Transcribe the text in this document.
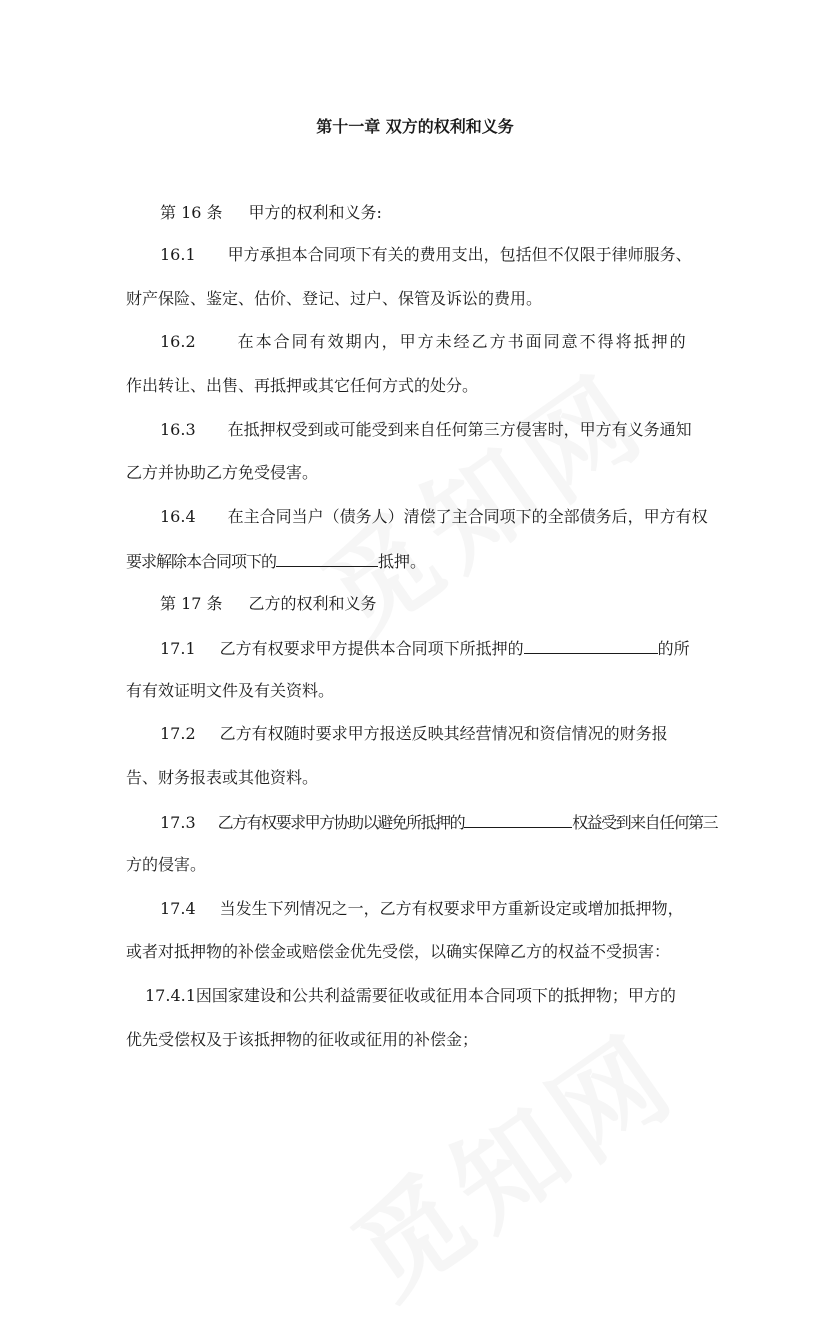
第十一章 双方的权利和义务
第 16 条 甲方的权利和义务:
16.1 甲方承担本合同项下有关的费用支出，包括但不仅限于律师服务、
财产保险、鉴定、估价、登记、过户、保管及诉讼的费用。
16.2	在本合同有效期内，甲方未经乙方书面同意不得将抵押的
作出转让、出售、再抵押或其它任何方式的处分。
16.3 在抵押权受到或可能受到来自任何第三方侵害时，甲方有义务通知
乙方并协助乙方免受侵害。
16.4 在主合同当户（债务人）清偿了主合同项下的全部债务后，甲方有权
要求解除本合同项下的	抵押。
第 17 条 乙方的权利和义务
17.1 乙方有权要求甲方提供本合同项下所抵押的	的所
有有效证明文件及有关资料。
17.2 乙方有权随时要求甲方报送反映其经营情况和资信情况的财务报
告、财务报表或其他资料。
17.3 乙方有权要求甲方协助以避免所抵押的	权益受到来自任何第三
方的侵害。
17.4 当发生下列情况之一，乙方有权要求甲方重新设定或增加抵押物，
或者对抵押物的补偿金或赔偿金优先受偿，以确实保障乙方的权益不受损害：
17.4.1因国家建设和公共利益需要征收或征用本合同项下的抵押物；甲方的
优先受偿权及于该抵押物的征收或征用的补偿金；
